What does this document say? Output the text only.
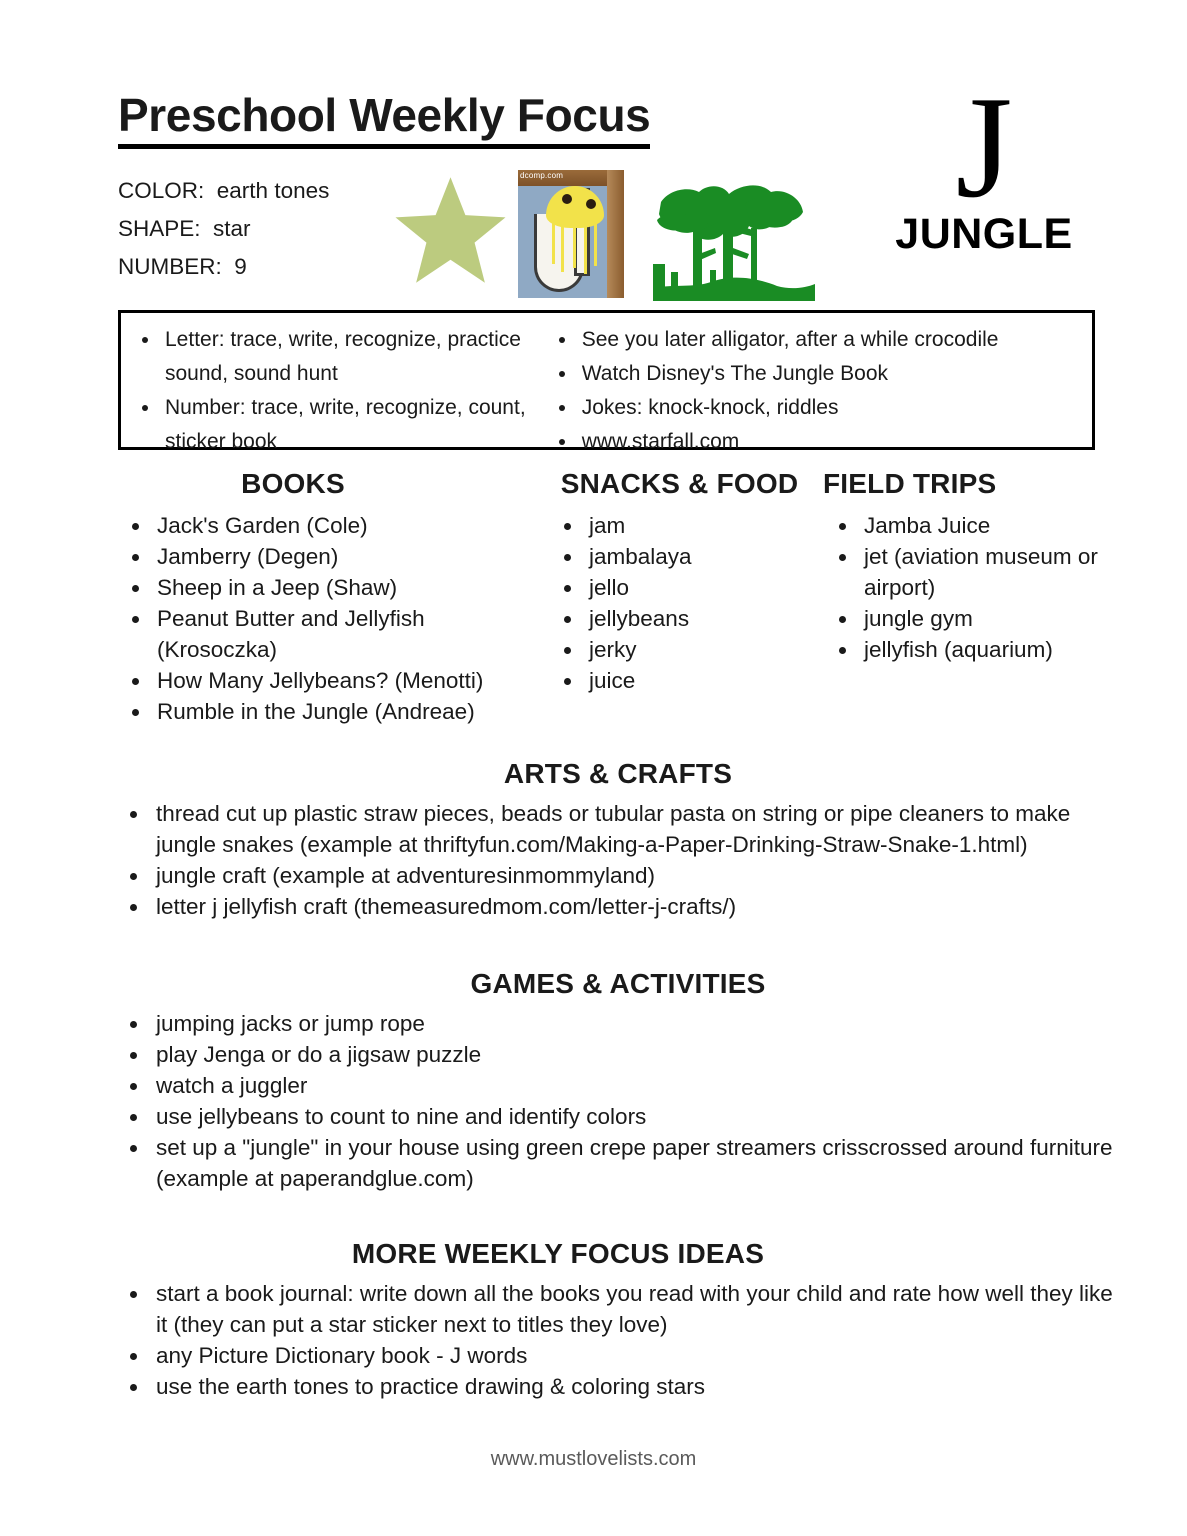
Preschool Weekly Focus
COLOR: earth tones
SHAPE: star
NUMBER: 9
dcomp.com	J
JUNGLE
• Letter: trace, write, recognize, practice sound, sound hunt
• Number: trace, write, recognize, count, sticker book
• See you later alligator, after a while crocodile
• Watch Disney's The Jungle Book
• Jokes: knock-knock, riddles
• www.starfall.com
BOOKS
• Jack's Garden (Cole)
• Jamberry (Degen)
• Sheep in a Jeep (Shaw)
• Peanut Butter and Jellyfish (Krosoczka)
• How Many Jellybeans? (Menotti)
• Rumble in the Jungle (Andreae)
SNACKS & FOOD
• jam
• jambalaya
• jello
• jellybeans
• jerky
• juice
FIELD TRIPS
• Jamba Juice
• jet (aviation museum or airport)
• jungle gym
• jellyfish (aquarium)
ARTS & CRAFTS
• thread cut up plastic straw pieces, beads or tubular pasta on string or pipe cleaners to make jungle snakes (example at thriftyfun.com/Making-a-Paper-Drinking-Straw-Snake-1.html)
• jungle craft (example at adventuresinmommyland)
• letter j jellyfish craft (themeasuredmom.com/letter-j-crafts/)
GAMES & ACTIVITIES
• jumping jacks or jump rope
• play Jenga or do a jigsaw puzzle
• watch a juggler
• use jellybeans to count to nine and identify colors
• set up a "jungle" in your house using green crepe paper streamers crisscrossed around furniture (example at paperandglue.com)
MORE WEEKLY FOCUS IDEAS
• start a book journal: write down all the books you read with your child and rate how well they like it (they can put a star sticker next to titles they love)
• any Picture Dictionary book - J words
• use the earth tones to practice drawing & coloring stars
www.mustlovelists.com
